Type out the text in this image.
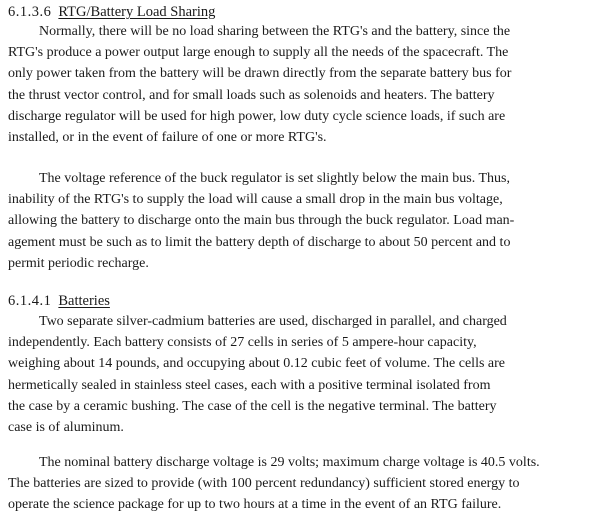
6.1.3.6 RTG/Battery Load Sharing
Normally, there will be no load sharing between the RTG's and the battery, since the
RTG's produce a power output large enough to supply all the needs of the spacecraft. The
only power taken from the battery will be drawn directly from the separate battery bus for
the thrust vector control, and for small loads such as solenoids and heaters. The battery
discharge regulator will be used for high power, low duty cycle science loads, if such are
installed, or in the event of failure of one or more RTG's.
The voltage reference of the buck regulator is set slightly below the main bus. Thus,
inability of the RTG's to supply the load will cause a small drop in the main bus voltage,
allowing the battery to discharge onto the main bus through the buck regulator. Load man-
agement must be such as to limit the battery depth of discharge to about 50 percent and to
permit periodic recharge.
6.1.4.1 Batteries
Two separate silver-cadmium batteries are used, discharged in parallel, and charged
independently. Each battery consists of 27 cells in series of 5 ampere-hour capacity,
weighing about 14 pounds, and occupying about 0.12 cubic feet of volume. The cells are
hermetically sealed in stainless steel cases, each with a positive terminal isolated from
the case by a ceramic bushing. The case of the cell is the negative terminal. The battery
case is of aluminum.
The nominal battery discharge voltage is 29 volts; maximum charge voltage is 40.5 volts.
The batteries are sized to provide (with 100 percent redundancy) sufficient stored energy to
operate the science package for up to two hours at a time in the event of an RTG failure.
